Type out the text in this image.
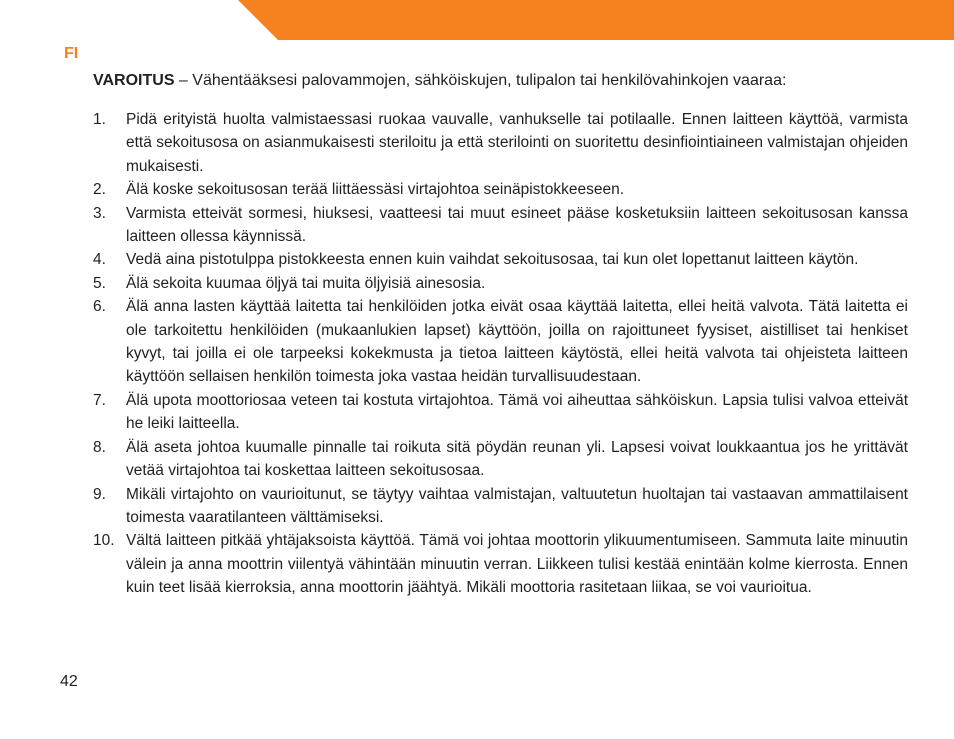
FI
VAROITUS – Vähentääksesi palovammojen, sähköiskujen, tulipalon tai henkilövahinkojen vaaraa:
1. Pidä erityistä huolta valmistaessasi ruokaa vauvalle, vanhukselle tai potilaalle. Ennen laitteen käyttöä, varmista että sekoitusosa on asianmukaisesti steriloitu ja että sterilointi on suoritettu desinfiointiaineen valmistajan ohjeiden mukaisesti.
2. Älä koske sekoitusosan terää liittäessäsi virtajohtoa seinäpistokkeeseen.
3. Varmista etteivät sormesi, hiuksesi, vaatteesi tai muut esineet pääse kosketuksiin laitteen sekoitusosan kanssa laitteen ollessa käynnissä.
4. Vedä aina pistotulppa pistokkeesta ennen kuin vaihdat sekoitusosaa, tai kun olet lopettanut laitteen käytön.
5. Älä sekoita kuumaa öljyä tai muita öljyisiä ainesosia.
6. Älä anna lasten käyttää laitetta tai henkilöiden jotka eivät osaa käyttää laitetta, ellei heitä valvota. Tätä laitetta ei ole tarkoitettu henkilöiden (mukaanlukien lapset) käyttöön, joilla on rajoittuneet fyysiset, aistilliset tai henkiset kyvyt, tai joilla ei ole tarpeeksi kokekmusta ja tietoa laitteen käytöstä, ellei heitä valvota tai ohjeisteta laitteen käyttöön sellaisen henkilön toimesta joka vastaa heidän turvallisuudestaan.
7. Älä upota moottoriosaa veteen tai kostuta virtajohtoa. Tämä voi aiheuttaa sähköiskun. Lapsia tulisi valvoa etteivät he leiki laitteella.
8. Älä aseta johtoa kuumalle pinnalle tai roikuta sitä pöydän reunan yli. Lapsesi voivat loukkaantua jos he yrittävät vetää virtajohtoa tai koskettaa laitteen sekoitusosaa.
9. Mikäli virtajohto on vaurioitunut, se täytyy vaihtaa valmistajan, valtuutetun huoltajan tai vastaavan ammattilaisent toimesta vaaratilanteen välttämiseksi.
10. Vältä laitteen pitkää yhtäjaksoista käyttöä. Tämä voi johtaa moottorin ylikuumentumiseen. Sammuta laite minuutin välein ja anna moottrin viilentyä vähintään minuutin verran. Liikkeen tulisi kestää enintään kolme kierrosta. Ennen kuin teet lisää kierroksia, anna moottorin jäähtyä. Mikäli moottoria rasitetaan liikaa, se voi vaurioitua.
42
